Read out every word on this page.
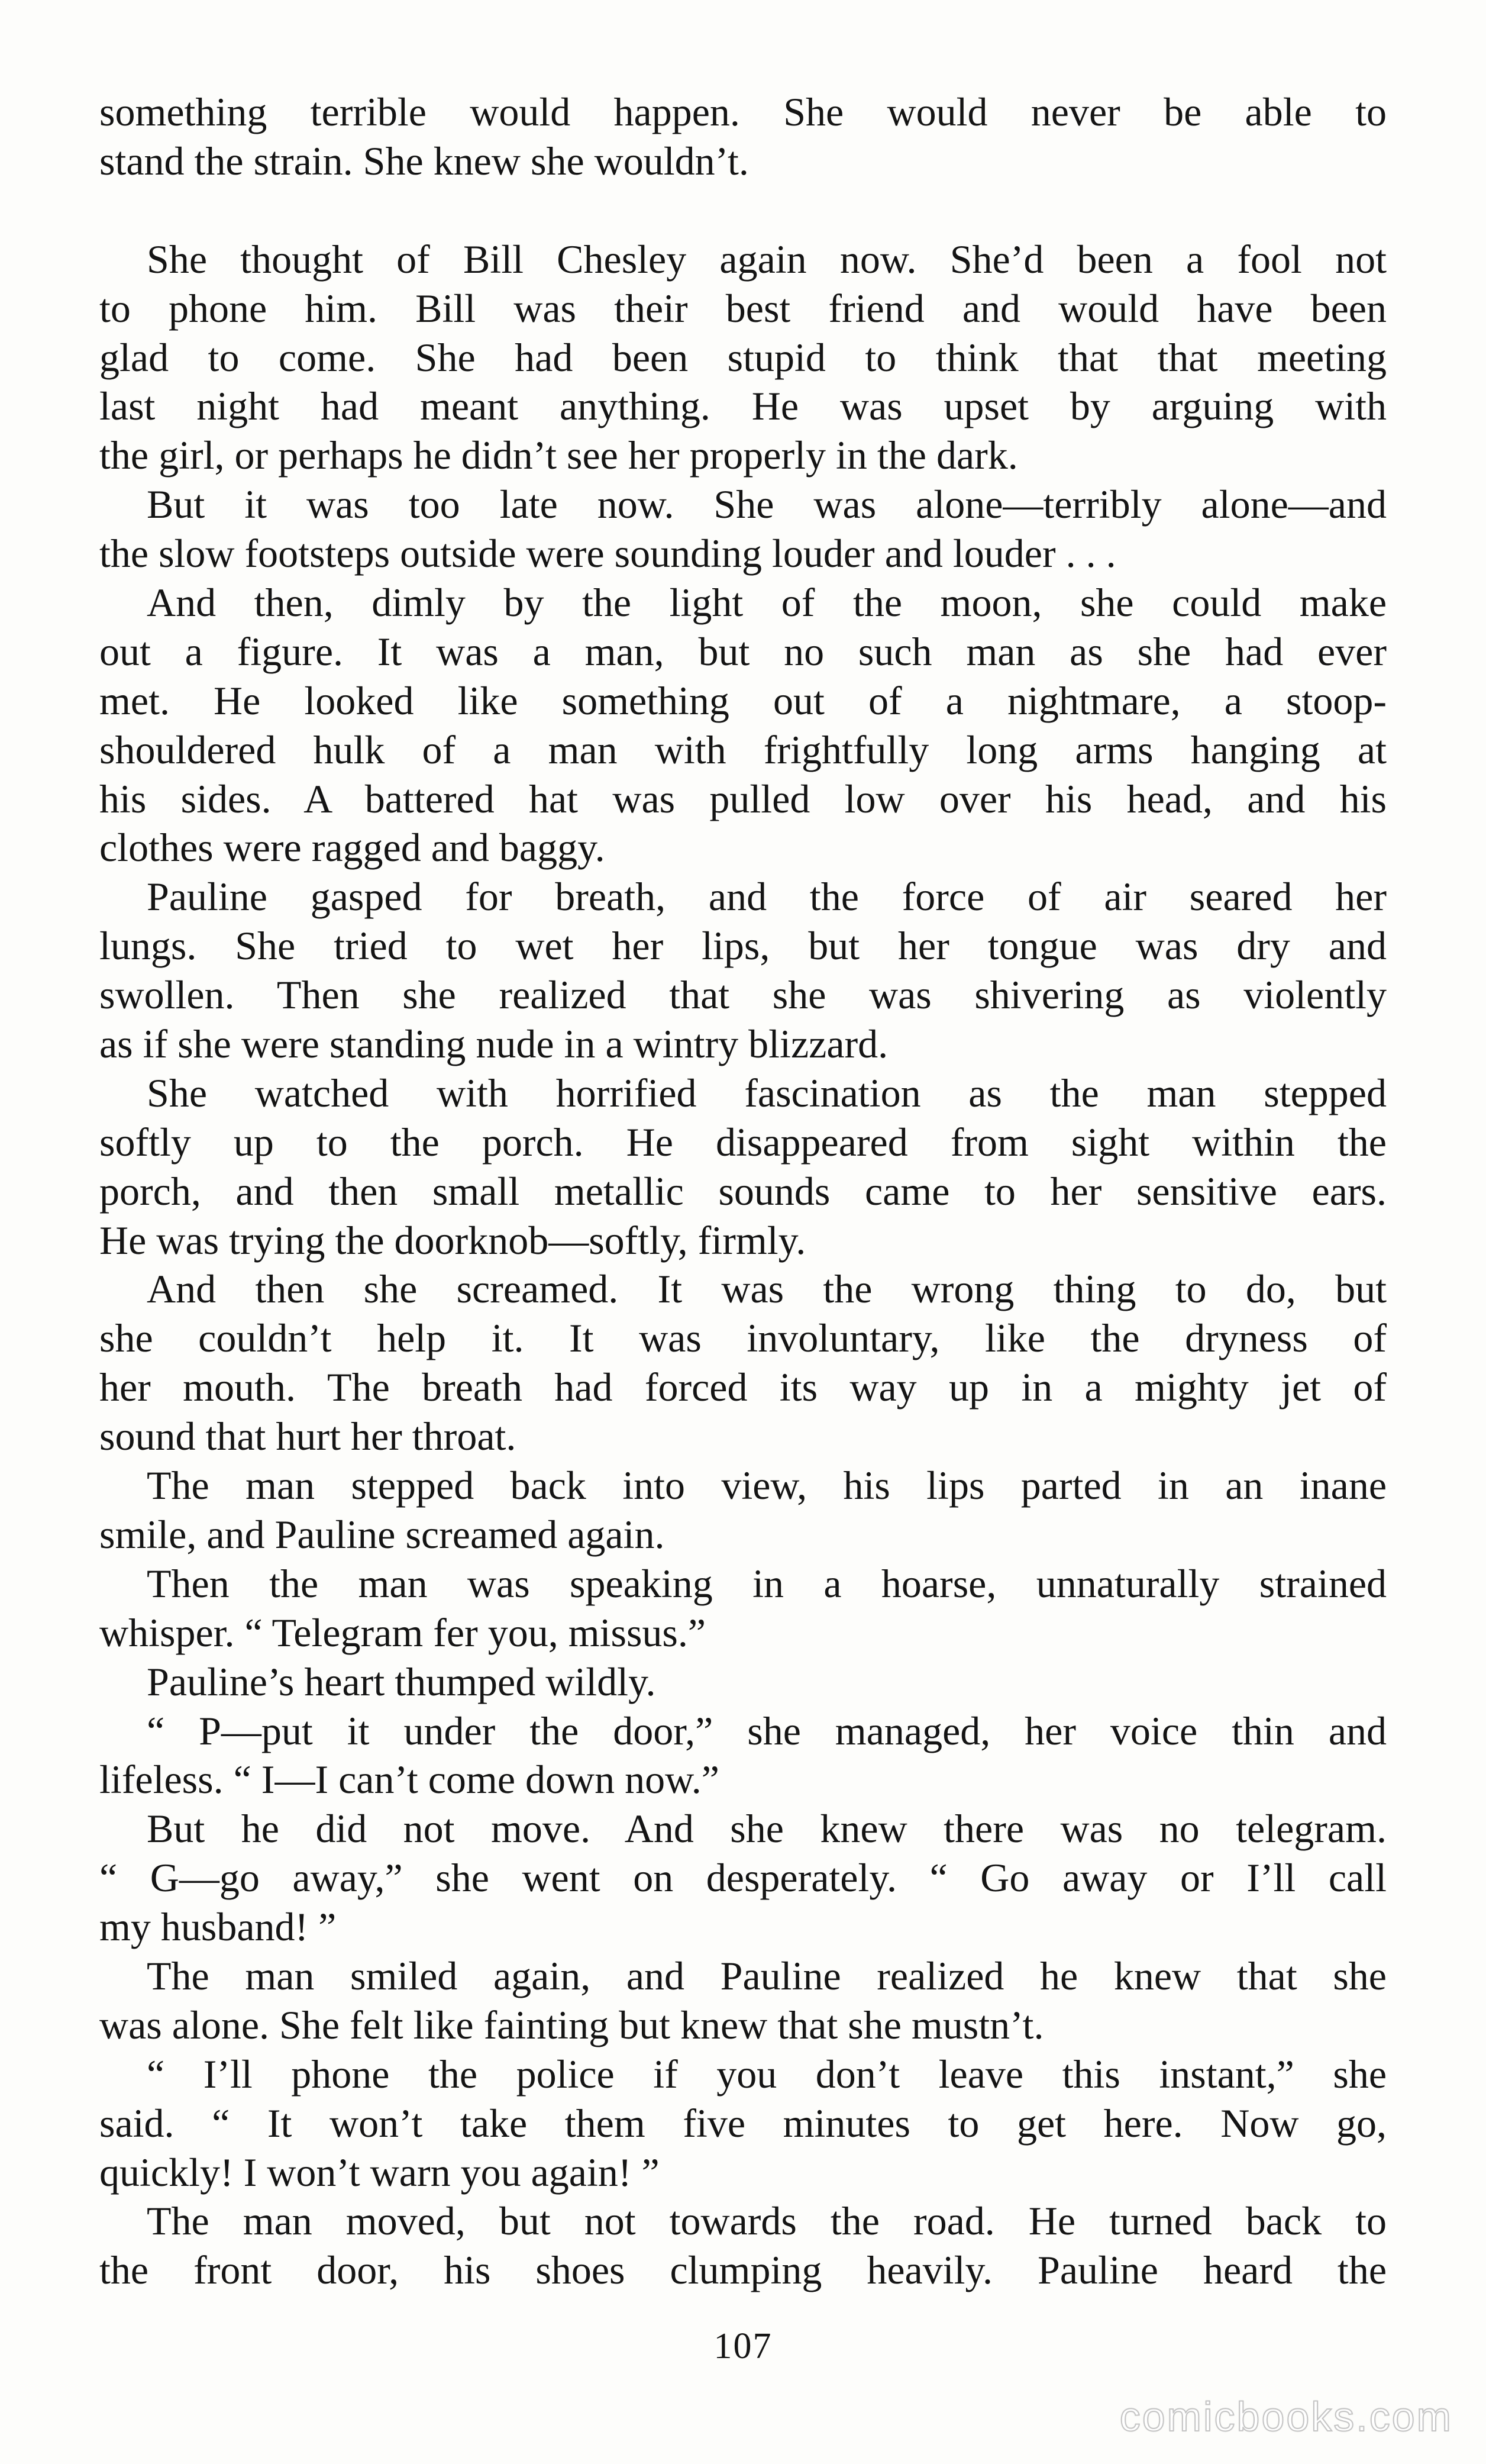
something terrible would happen. She would never be able to
stand the strain. She knew she wouldn’t.
She thought of Bill Chesley again now. She’d been a fool not
to phone him. Bill was their best friend and would have been
glad to come. She had been stupid to think that that meeting
last night had meant anything. He was upset by arguing with
the girl, or perhaps he didn’t see her properly in the dark.
But it was too late now. She was alone—terribly alone—and
the slow footsteps outside were sounding louder and louder . . .
And then, dimly by the light of the moon, she could make
out a figure. It was a man, but no such man as she had ever
met. He looked like something out of a nightmare, a stoop-
shouldered hulk of a man with frightfully long arms hanging at
his sides. A battered hat was pulled low over his head, and his
clothes were ragged and baggy.
Pauline gasped for breath, and the force of air seared her
lungs. She tried to wet her lips, but her tongue was dry and
swollen. Then she realized that she was shivering as violently
as if she were standing nude in a wintry blizzard.
She watched with horrified fascination as the man stepped
softly up to the porch. He disappeared from sight within the
porch, and then small metallic sounds came to her sensitive ears.
He was trying the doorknob—softly, firmly.
And then she screamed. It was the wrong thing to do, but
she couldn’t help it. It was involuntary, like the dryness of
her mouth. The breath had forced its way up in a mighty jet of
sound that hurt her throat.
The man stepped back into view, his lips parted in an inane
smile, and Pauline screamed again.
Then the man was speaking in a hoarse, unnaturally strained
whisper. “ Telegram fer you, missus.”
Pauline’s heart thumped wildly.
“ P—put it under the door,” she managed, her voice thin and
lifeless. “ I—I can’t come down now.”
But he did not move. And she knew there was no telegram.
“ G—go away,” she went on desperately. “ Go away or I’ll call
my husband! ”
The man smiled again, and Pauline realized he knew that she
was alone. She felt like fainting but knew that she mustn’t.
“ I’ll phone the police if you don’t leave this instant,” she
said. “ It won’t take them five minutes to get here. Now go,
quickly! I won’t warn you again! ”
The man moved, but not towards the road. He turned back to
the front door, his shoes clumping heavily. Pauline heard the
107
comicbooks.com
